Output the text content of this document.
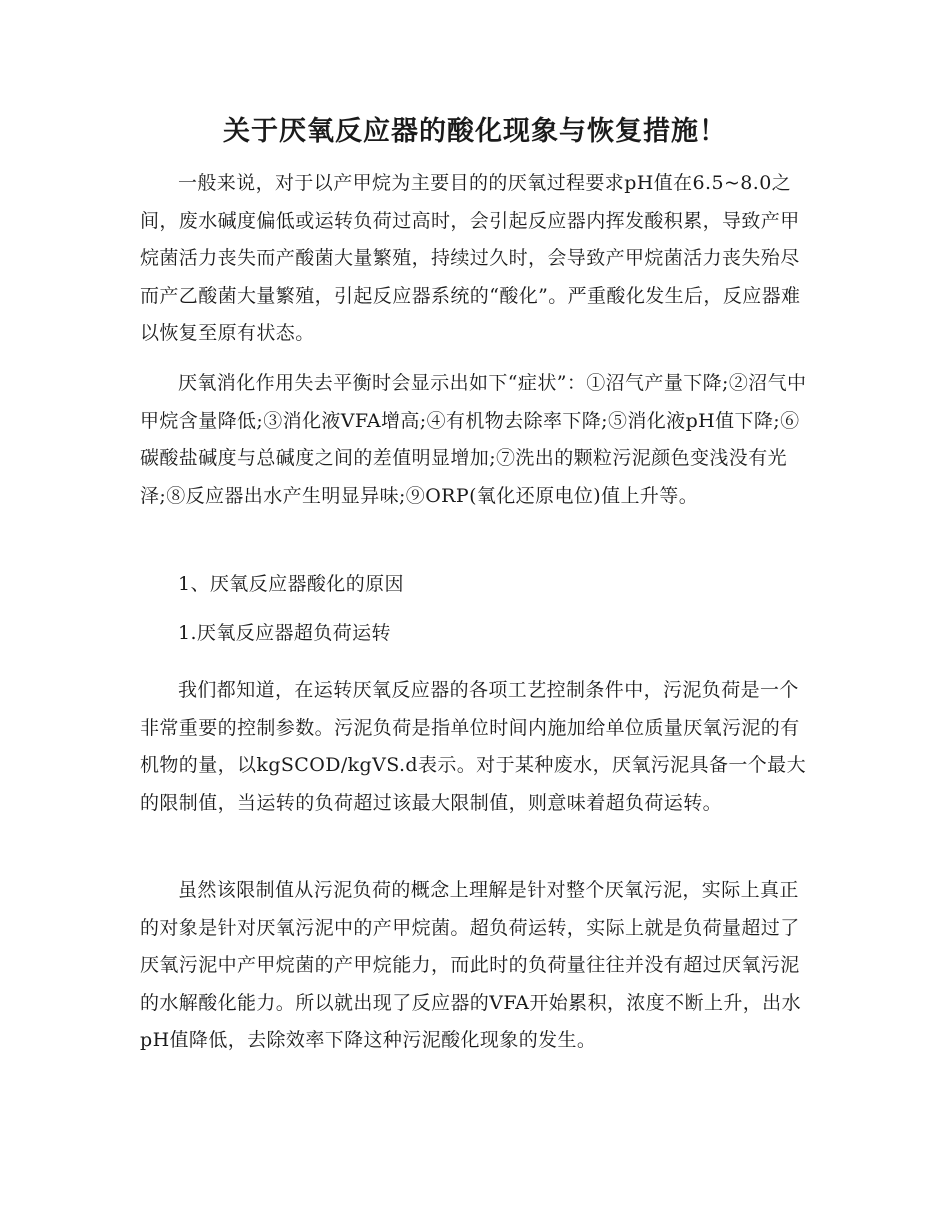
关于厌氧反应器的酸化现象与恢复措施！

一般来说，对于以产甲烷为主要目的的厌氧过程要求pH值在6.5~8.0之间，废水碱度偏低或运转负荷过高时，会引起反应器内挥发酸积累，导致产甲烷菌活力丧失而产酸菌大量繁殖，持续过久时，会导致产甲烷菌活力丧失殆尽而产乙酸菌大量繁殖，引起反应器系统的“酸化”。严重酸化发生后，反应器难以恢复至原有状态。

厌氧消化作用失去平衡时会显示出如下“症状”：①沼气产量下降;②沼气中甲烷含量降低;③消化液VFA增高;④有机物去除率下降;⑤消化液pH值下降;⑥碳酸盐碱度与总碱度之间的差值明显增加;⑦洗出的颗粒污泥颜色变浅没有光泽;⑧反应器出水产生明显异味;⑨ORP(氧化还原电位)值上升等。

1、厌氧反应器酸化的原因

1.厌氧反应器超负荷运转

我们都知道，在运转厌氧反应器的各项工艺控制条件中，污泥负荷是一个非常重要的控制参数。污泥负荷是指单位时间内施加给单位质量厌氧污泥的有机物的量，以kgSCOD/kgVS.d表示。对于某种废水，厌氧污泥具备一个最大的限制值，当运转的负荷超过该最大限制值，则意味着超负荷运转。

虽然该限制值从污泥负荷的概念上理解是针对整个厌氧污泥，实际上真正的对象是针对厌氧污泥中的产甲烷菌。超负荷运转，实际上就是负荷量超过了厌氧污泥中产甲烷菌的产甲烷能力，而此时的负荷量往往并没有超过厌氧污泥的水解酸化能力。所以就出现了反应器的VFA开始累积，浓度不断上升，出水pH值降低，去除效率下降这种污泥酸化现象的发生。
